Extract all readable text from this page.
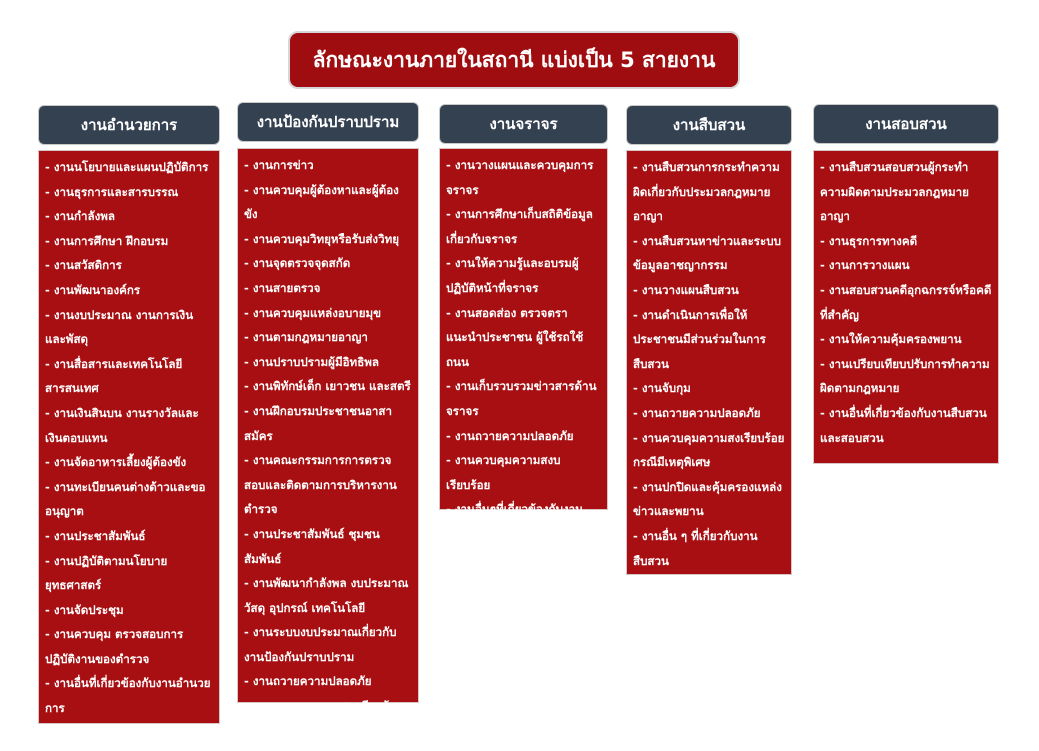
ลักษณะงานภายในสถานี แบ่งเป็น 5 สายงาน
งานอำนวยการ
- งานนโยบายและแผนปฏิบัติการ
- งานธุรการและสารบรรณ
- งานกำลังพล
- งานการศึกษา ฝึกอบรม
- งานสวัสดิการ
- งานพัฒนาองค์กร
- งานงบประมาณ งานการเงินและพัสดุ
- งานสื่อสารและเทคโนโลยีสารสนเทศ
- งานเงินสินบน งานรางวัลและเงินตอบแทน
- งานจัดอาหารเลี้ยงผู้ต้องขัง
- งานทะเบียนคนต่างด้าวและขออนุญาต
- งานประชาสัมพันธ์
- งานปฏิบัติตามนโยบายยุทธศาสตร์
- งานจัดประชุม
- งานควบคุม ตรวจสอบการปฏิบัติงานของตำรวจ
- งานอื่นที่เกี่ยวข้องกับงานอำนวยการ
งานป้องกันปราบปราม
- งานการข่าว
- งานควบคุมผู้ต้องหาและผู้ต้องขัง
- งานควบคุมวิทยุหรือรับส่งวิทยุ
- งานจุดตรวจจุดสกัด
- งานสายตรวจ
- งานควบคุมแหล่งอบายมุข
- งานตามกฎหมายอาญา
- งานปราบปรามผู้มีอิทธิพล
- งานพิทักษ์เด็ก เยาวชน และสตรี
- งานฝึกอบรมประชาชนอาสาสมัคร
- งานคณะกรรมการการตรวจสอบและติดตามการบริหารงานตำรวจ
- งานประชาสัมพันธ์ ชุมชนสัมพันธ์
- งานพัฒนากำลังพล งบประมาณ วัสดุ อุปกรณ์ เทคโนโลยี
- งานระบบงบประมาณเกี่ยวกับงานป้องกันปราบปราม
- งานถวายความปลอดภัย
- งานควบคุมความสงบเรียบร้อย
- งานอื่นที่เกี่ยวกับงานป้องกัน
งานจราจร
- งานวางแผนและควบคุมการจราจร
- งานการศึกษาเก็บสถิติข้อมูลเกี่ยวกับจราจร
- งานให้ความรู้และอบรมผู้ปฏิบัติหน้าที่จราจร
- งานสอดส่อง ตรวจตรา แนะนำประชาชน ผู้ใช้รถใช้ถนน
- งานเก็บรวบรวมข่าวสารด้านจราจร
- งานถวายความปลอดภัย
- งานควบคุมความสงบเรียบร้อย
- งานอื่นๆที่เกี่ยวข้องกับงาน
งานสืบสวน
- งานสืบสวนการกระทำความผิดเกี่ยวกับประมวลกฎหมายอาญา
- งานสืบสวนหาข่าวและระบบข้อมูลอาชญากรรม
- งานวางแผนสืบสวน
- งานดำเนินการเพื่อให้ประชาชนมีส่วนร่วมในการสืบสวน
- งานจับกุม
- งานถวายความปลอดภัย
- งานควบคุมความสงเรียบร้อยกรณีมีเหตุพิเศษ
- งานปกปิดและคุ้มครองแหล่งข่าวและพยาน
- งานอื่น ๆ ที่เกี่ยวกับงานสืบสวน
งานสอบสวน
- งานสืบสวนสอบสวนผู้กระทำความผิดตามประมวลกฎหมายอาญา
- งานธุรการทางคดี
- งานการวางแผน
- งานสอบสวนคดีอุกฉกรรจ์หรือคดีที่สำคัญ
- งานให้ความคุ้มครองพยาน
- งานเปรียบเทียบปรับการทำความผิดตามกฎหมาย
- งานอื่นที่เกี่ยวข้องกับงานสืบสวนและสอบสวน
